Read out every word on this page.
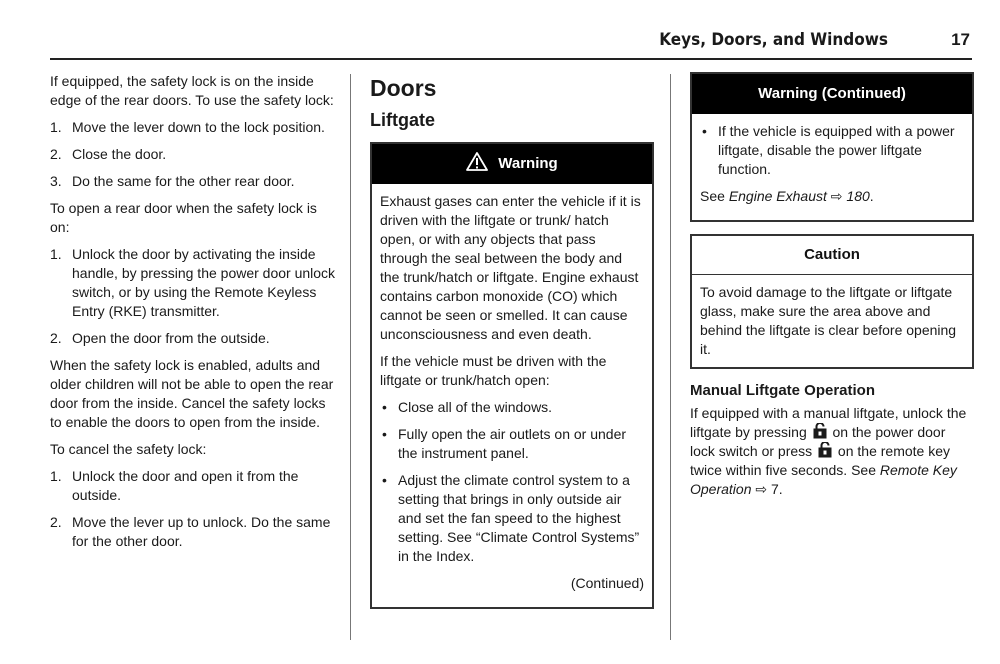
Keys, Doors, and Windows	17

If equipped, the safety lock is on the inside edge of the rear doors. To use the safety lock:

1. Move the lever down to the lock position.
2. Close the door.
3. Do the same for the other rear door.

To open a rear door when the safety lock is on:

1. Unlock the door by activating the inside handle, by pressing the power door unlock switch, or by using the Remote Keyless Entry (RKE) transmitter.
2. Open the door from the outside.

When the safety lock is enabled, adults and older children will not be able to open the rear door from the inside. Cancel the safety locks to enable the doors to open from the inside.

To cancel the safety lock:

1. Unlock the door and open it from the outside.
2. Move the lever up to unlock. Do the same for the other door.
Doors
Liftgate
Warning

Exhaust gases can enter the vehicle if it is driven with the liftgate or trunk/ hatch open, or with any objects that pass through the seal between the body and the trunk/hatch or liftgate. Engine exhaust contains carbon monoxide (CO) which cannot be seen or smelled. It can cause unconsciousness and even death.

If the vehicle must be driven with the liftgate or trunk/hatch open:

• Close all of the windows.
• Fully open the air outlets on or under the instrument panel.
• Adjust the climate control system to a setting that brings in only outside air and set the fan speed to the highest setting. See “Climate Control Systems” in the Index.

(Continued)

Warning (Continued)
• If the vehicle is equipped with a power liftgate, disable the power liftgate function.

See Engine Exhaust ⇨ 180.

Caution

To avoid damage to the liftgate or liftgate glass, make sure the area above and behind the liftgate is clear before opening it.

Manual Liftgate Operation

If equipped with a manual liftgate, unlock the liftgate by pressing  on the power door lock switch or press  on the remote key twice within five seconds. See Remote Key Operation ⇨ 7.
